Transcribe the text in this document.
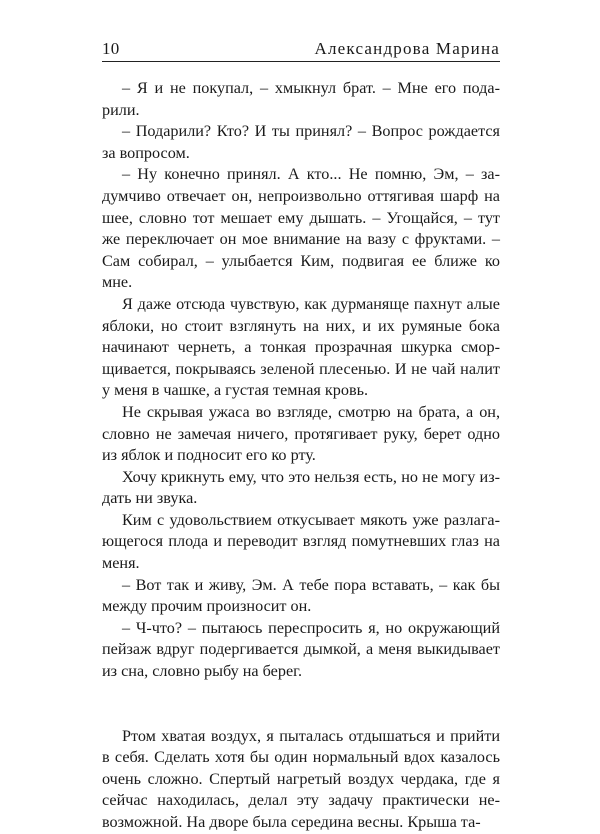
10	Александрова Марина

– Я и не покупал, – хмыкнул брат. – Мне его подарили.

– Подарили? Кто? И ты принял? – Вопрос рождается за вопросом.

– Ну конечно принял. А кто... Не помню, Эм, – задумчиво отвечает он, непроизвольно оттягивая шарф на шее, словно тот мешает ему дышать. – Угощайся, – тут же переключает он мое внимание на вазу с фруктами. – Сам собирал, – улыбается Ким, подвигая ее ближе ко мне.

Я даже отсюда чувствую, как дурманяще пахнут алые яблоки, но стоит взглянуть на них, и их румяные бока начинают чернеть, а тонкая прозрачная шкурка сморщивается, покрываясь зеленой плесенью. И не чай налит у меня в чашке, а густая темная кровь.

Не скрывая ужаса во взгляде, смотрю на брата, а он, словно не замечая ничего, протягивает руку, берет одно из яблок и подносит его ко рту.

Хочу крикнуть ему, что это нельзя есть, но не могу издать ни звука.

Ким с удовольствием откусывает мякоть уже разлагающегося плода и переводит взгляд помутневших глаз на меня.

– Вот так и живу, Эм. А тебе пора вставать, – как бы между прочим произносит он.

– Ч-что? – пытаюсь переспросить я, но окружающий пейзаж вдруг подергивается дымкой, а меня выкидывает из сна, словно рыбу на берег.

Ртом хватая воздух, я пыталась отдышаться и прийти в себя. Сделать хотя бы один нормальный вдох казалось очень сложно. Спертый нагретый воздух чердака, где я сейчас находилась, делал эту задачу практически невозможной. На дворе была середина весны. Крыша та-
